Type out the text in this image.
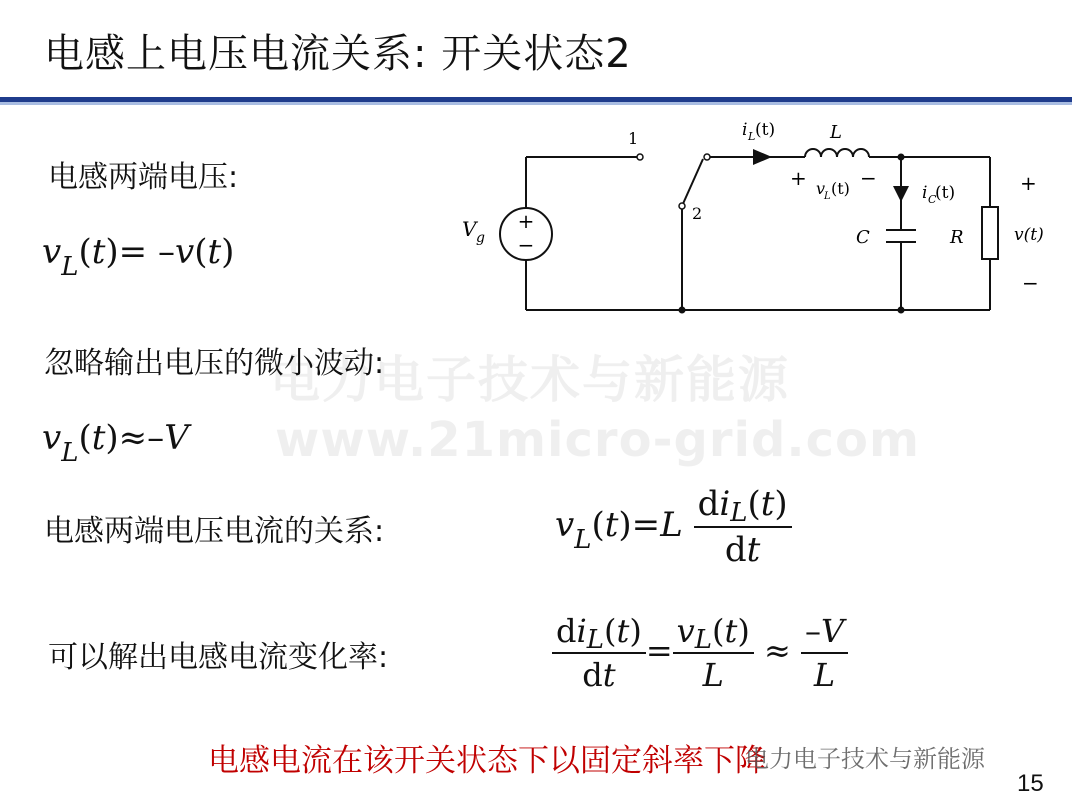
电感上电压电流关系: 开关状态2
电力电子技术与新能源
www.21micro-grid.com
电感两端电压:
$v_L(t)= -v(t)$
忽略输出电压的微小波动:
$v_L(t)\approx-V$
电感两端电压电流的关系:	$v_L(t)=L \frac{\text{diL(t)}}{dt}$
可以解出电感电流变化率:	$\frac{\text{diL(t)}}{dt} = \frac{vL(t)}{L} \approx \frac{-V}{L}$
+
−
V g
1
2
i L (t)	L
+	−
v
L (t)	i C
(t)
C	R
+
v(t)
−
电感电流在该开关状态下以固定斜率下降
电力电子技术与新能源
15
